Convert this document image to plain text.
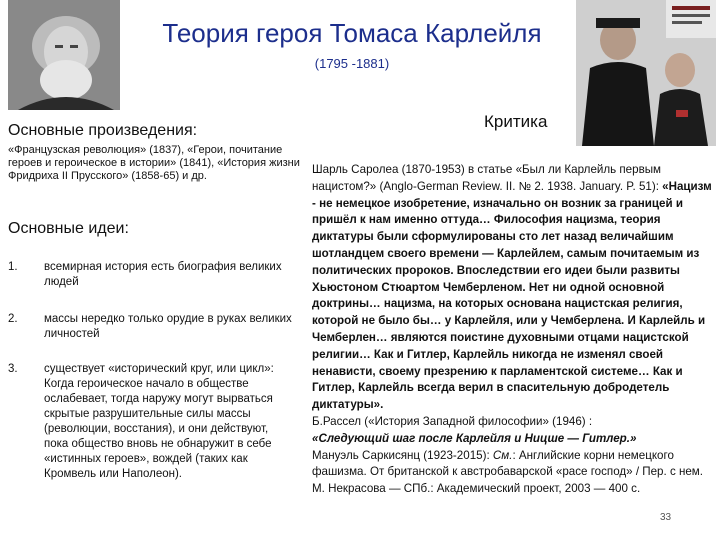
Теория героя Томаса Карлейля
(1795 -1881)
Основные произведения:
«Французская революция» (1837), «Герои, почитание героев и героическое в истории» (1841), «История жизни Фридриха II Прусского» (1858-65) и др.
Основные идеи:
1. всемирная история есть биография великих людей
2. массы нередко только орудие в руках великих личностей
3. существует «исторический круг, или цикл»: Когда героическое начало в обществе ослабевает, тогда наружу могут вырваться скрытые разрушительные силы массы (революции, восстания), и они действуют, пока общество вновь не обнаружит в себе «истинных героев», вождей (таких как Кромвель или Наполеон).
Критика

Шарль Саролеа (1870-1953) в статье «Был ли Карлейль первым нацистом?» (Anglo-German Review. II. № 2. 1938. January. P. 51): «Нацизм - не немецкое изобретение, изначально он возник за границей и пришёл к нам именно оттуда… Философия нацизма, теория диктатуры были сформулированы сто лет назад величайшим шотландцем своего времени — Карлейлем, самым почитаемым из политических пророков. Впоследствии его идеи были развиты Хьюстоном Стюартом Чемберленом. Нет ни одной основной доктрины… нацизма, на которых основана нацистская религия, которой не было бы… у Карлейля, или у Чемберлена. И Карлейль и Чемберлен… являются поистине духовными отцами нацистской религии… Как и Гитлер, Карлейль никогда не изменял своей ненависти, своему презрению к парламентской системе… Как и Гитлер, Карлейль всегда верил в спасительную добродетель диктатуры».

Б.Рассел («История Западной философии» (1946) :

«Следующий шаг после Карлейля и Ницше — Гитлер.»

Мануэль Саркисянц (1923-2015): См.: Английские корни немецкого фашизма. От британской к австробаварской «расе господ» / Пер. с нем. М. Некрасова — СПб.: Академический проект, 2003 — 400 с.

33
